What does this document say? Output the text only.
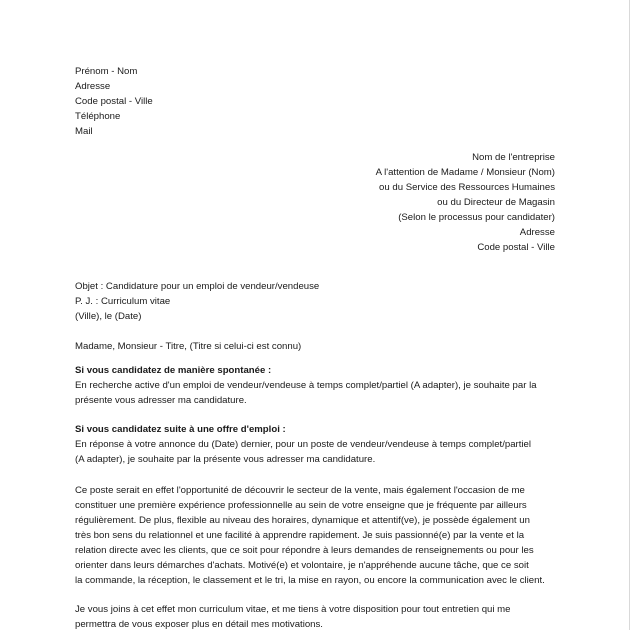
Prénom - Nom
Adresse
Code postal - Ville
Téléphone
Mail
Nom de l'entreprise
A l'attention de Madame / Monsieur (Nom)
ou du Service des Ressources Humaines
ou du Directeur de Magasin
(Selon le processus pour candidater)
Adresse
Code postal - Ville
Objet : Candidature pour un emploi de vendeur/vendeuse
P. J. : Curriculum vitae
(Ville), le (Date)
Madame, Monsieur - Titre, (Titre si celui-ci est connu)
Si vous candidatez de manière spontanée :
En recherche active d'un emploi de vendeur/vendeuse à temps complet/partiel (A adapter), je souhaite par la
présente vous adresser ma candidature.
Si vous candidatez suite à une offre d'emploi :
En réponse à votre annonce du (Date) dernier, pour un poste de vendeur/vendeuse à temps complet/partiel
(A adapter), je souhaite par la présente vous adresser ma candidature.
Ce poste serait en effet l'opportunité de découvrir le secteur de la vente, mais également l'occasion de me
constituer une première expérience professionnelle au sein de votre enseigne que je fréquente par ailleurs
régulièrement. De plus, flexible au niveau des horaires, dynamique et attentif(ve), je possède également un
très bon sens du relationnel et une facilité à apprendre rapidement. Je suis passionné(e) par la vente et la
relation directe avec les clients, que ce soit pour répondre à leurs demandes de renseignements ou pour les
orienter dans leurs démarches d'achats. Motivé(e) et volontaire, je n'appréhende aucune tâche, que ce soit
la commande, la réception, le classement et le tri, la mise en rayon, ou encore la communication avec le client.
Je vous joins à cet effet mon curriculum vitae, et me tiens à votre disposition pour tout entretien qui me
permettra de vous exposer plus en détail mes motivations.
